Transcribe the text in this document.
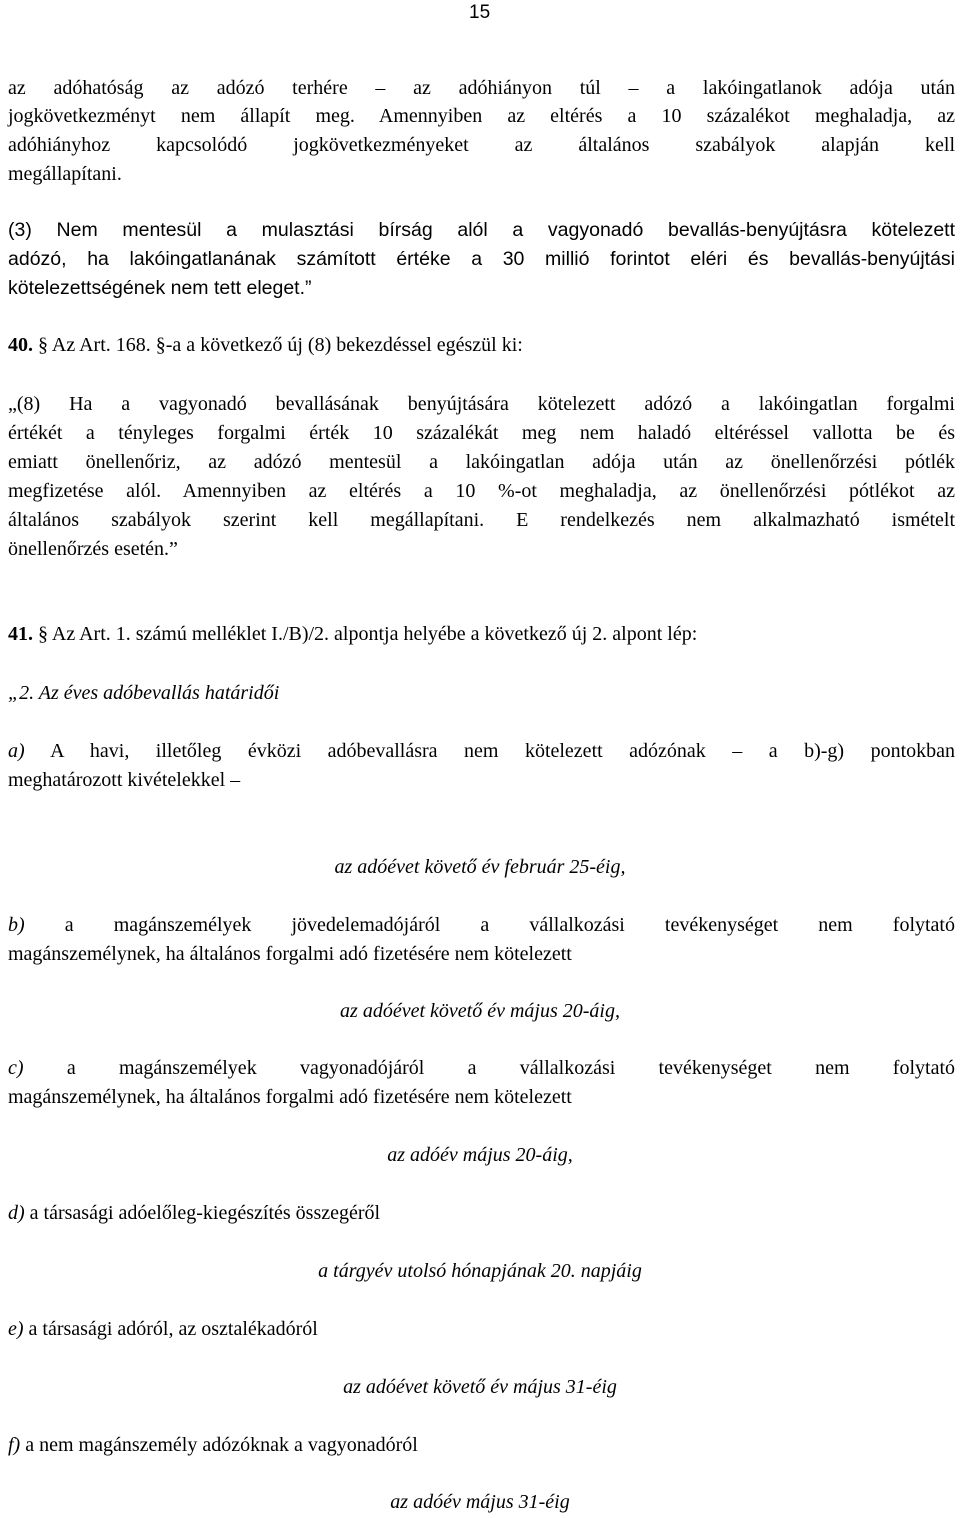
15
az adóhatóság az adózó terhére – az adóhiányon túl – a lakóingatlanok adója után
jogkövetkezményt nem állapít meg. Amennyiben az eltérés a 10 százalékot meghaladja, az
adóhiányhoz kapcsolódó jogkövetkezményeket az általános szabályok alapján kell
megállapítani.
(3) Nem mentesül a mulasztási bírság alól a vagyonadó bevallás-benyújtásra kötelezett
adózó, ha lakóingatlanának számított értéke a 30 millió forintot eléri és bevallás-benyújtási
kötelezettségének nem tett eleget.”
40. § Az Art. 168. §-a a következő új (8) bekezdéssel egészül ki:
„(8) Ha a vagyonadó bevallásának benyújtására kötelezett adózó a lakóingatlan forgalmi
értékét a tényleges forgalmi érték 10 százalékát meg nem haladó eltéréssel vallotta be és
emiatt önellenőriz, az adózó mentesül a lakóingatlan adója után az önellenőrzési pótlék
megfizetése alól. Amennyiben az eltérés a 10 %-ot meghaladja, az önellenőrzési pótlékot az
általános szabályok szerint kell megállapítani. E rendelkezés nem alkalmazható ismételt
önellenőrzés esetén.”
41. § Az Art. 1. számú melléklet I./B)/2. alpontja helyébe a következő új 2. alpont lép:
„2. Az éves adóbevallás határidői
a) A havi, illetőleg évközi adóbevallásra nem kötelezett adózónak – a b)-g) pontokban
meghatározott kivételekkel –
az adóévet követő év február 25-éig,
b) a magánszemélyek jövedelemadójáról a vállalkozási tevékenységet nem folytató
magánszemélynek, ha általános forgalmi adó fizetésére nem kötelezett
az adóévet követő év május 20-áig,
c) a magánszemélyek vagyonadójáról a vállalkozási tevékenységet nem folytató
magánszemélynek, ha általános forgalmi adó fizetésére nem kötelezett
az adóév május 20-áig,
d) a társasági adóelőleg-kiegészítés összegéről
a tárgyév utolsó hónapjának 20. napjáig
e) a társasági adóról, az osztalékadóról
az adóévet követő év május 31-éig
f) a nem magánszemély adózóknak a vagyonadóról
az adóév május 31-éig
